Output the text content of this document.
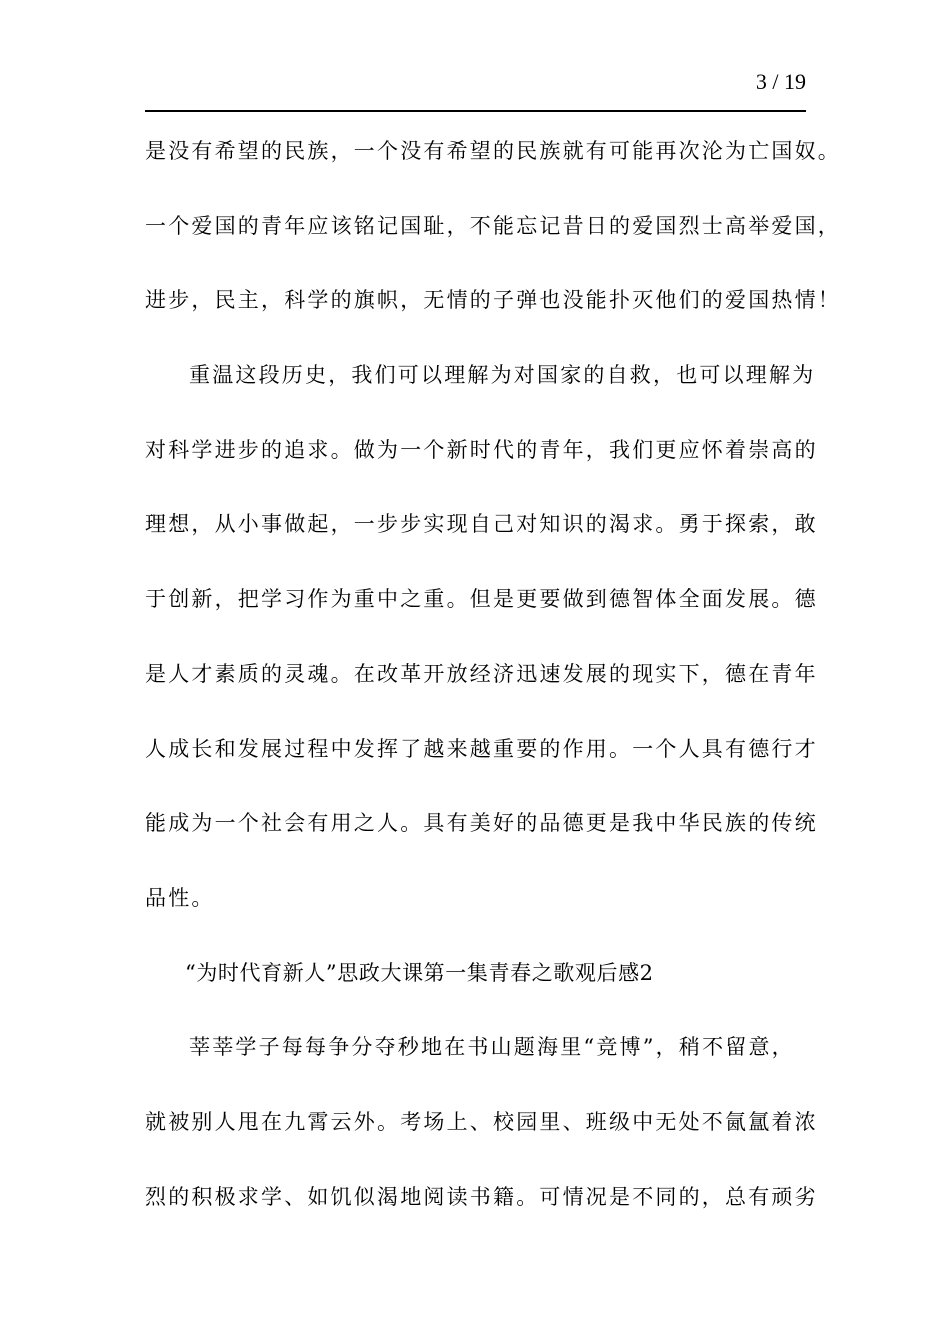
3 / 19
是没有希望的民族，一个没有希望的民族就有可能再次沦为亡国奴。
一个爱国的青年应该铭记国耻，不能忘记昔日的爱国烈士高举爱国，
进步，民主，科学的旗帜，无情的子弹也没能扑灭他们的爱国热情！
重温这段历史，我们可以理解为对国家的自救，也可以理解为
对科学进步的追求。做为一个新时代的青年，我们更应怀着崇高的
理想，从小事做起，一步步实现自己对知识的渴求。勇于探索，敢
于创新，把学习作为重中之重。但是更要做到德智体全面发展。德
是人才素质的灵魂。在改革开放经济迅速发展的现实下，德在青年
人成长和发展过程中发挥了越来越重要的作用。一个人具有德行才
能成为一个社会有用之人。具有美好的品德更是我中华民族的传统
品性。
“为时代育新人”思政大课第一集青春之歌观后感2
莘莘学子每每争分夺秒地在书山题海里“竞博”，稍不留意，
就被别人甩在九霄云外。考场上、校园里、班级中无处不氤氲着浓
烈的积极求学、如饥似渴地阅读书籍。可情况是不同的，总有顽劣
